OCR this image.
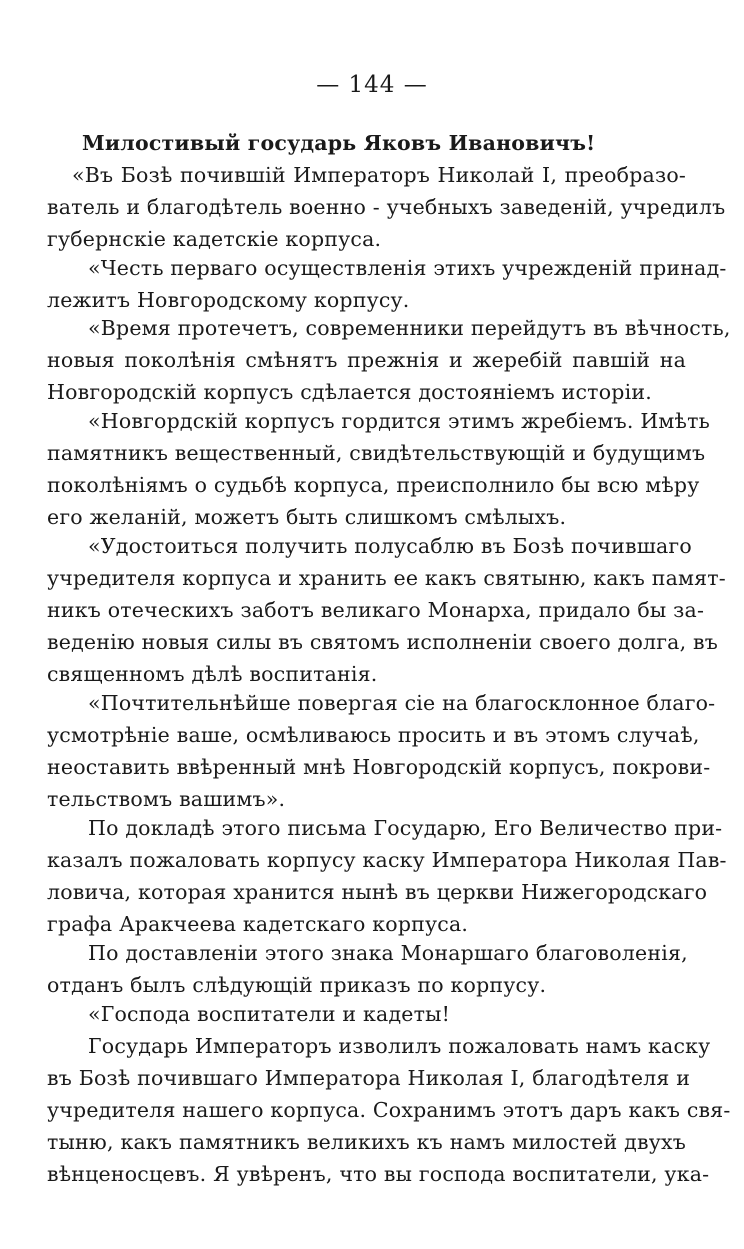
— 144 —
Милостивый государь Яковъ Ивановичъ!
«Въ Бозѣ почившій Императоръ Николай I, преобразо-
ватель и благодѣтель военно - учебныхъ заведеній, учредилъ
губернскіе кадетскіе корпуса.
«Честь перваго осуществленія этихъ учрежденій принад-
лежитъ Новгородскому корпусу.
«Время протечетъ, современники перейдутъ въ вѣчность,
новыя поколѣнія смѣнятъ прежнія и жеребій павшій на
Новгородскій корпусъ сдѣлается достояніемъ исторіи.
«Новгордскій корпусъ гордится этимъ жребіемъ. Имѣть
памятникъ вещественный, свидѣтельствующій и будущимъ
поколѣніямъ о судьбѣ корпуса, преисполнило бы всю мѣру
его желаній, можетъ быть слишкомъ смѣлыхъ.
«Удостоиться получить полусаблю въ Бозѣ почившаго
учредителя корпуса и хранить ее какъ святыню, какъ памят-
никъ отеческихъ заботъ великаго Монарха, придало бы за-
веденію новыя силы въ святомъ исполненіи своего долга, въ
священномъ дѣлѣ воспитанія.
«Почтительнѣйше повергая сіе на благосклонное благо-
усмотрѣніе ваше, осмѣливаюсь просить и въ этомъ случаѣ,
неоставить ввѣренный мнѣ Новгородскій корпусъ, покрови-
тельствомъ вашимъ».
По докладѣ этого письма Государю, Его Величество при-
казалъ пожаловать корпусу каску Императора Николая Пав-
ловича, которая хранится нынѣ въ церкви Нижегородскаго
графа Аракчеева кадетскаго корпуса.
По доставленіи этого знака Монаршаго благоволенія,
отданъ былъ слѣдующій приказъ по корпусу.
«Господа воспитатели и кадеты!
Государь Императоръ изволилъ пожаловать намъ каску
въ Бозѣ почившаго Императора Николая I, благодѣтеля и
учредителя нашего корпуса. Сохранимъ этотъ даръ какъ свя-
тыню, какъ памятникъ великихъ къ намъ милостей двухъ
вѣнценосцевъ. Я увѣренъ, что вы господа воспитатели, ука-
